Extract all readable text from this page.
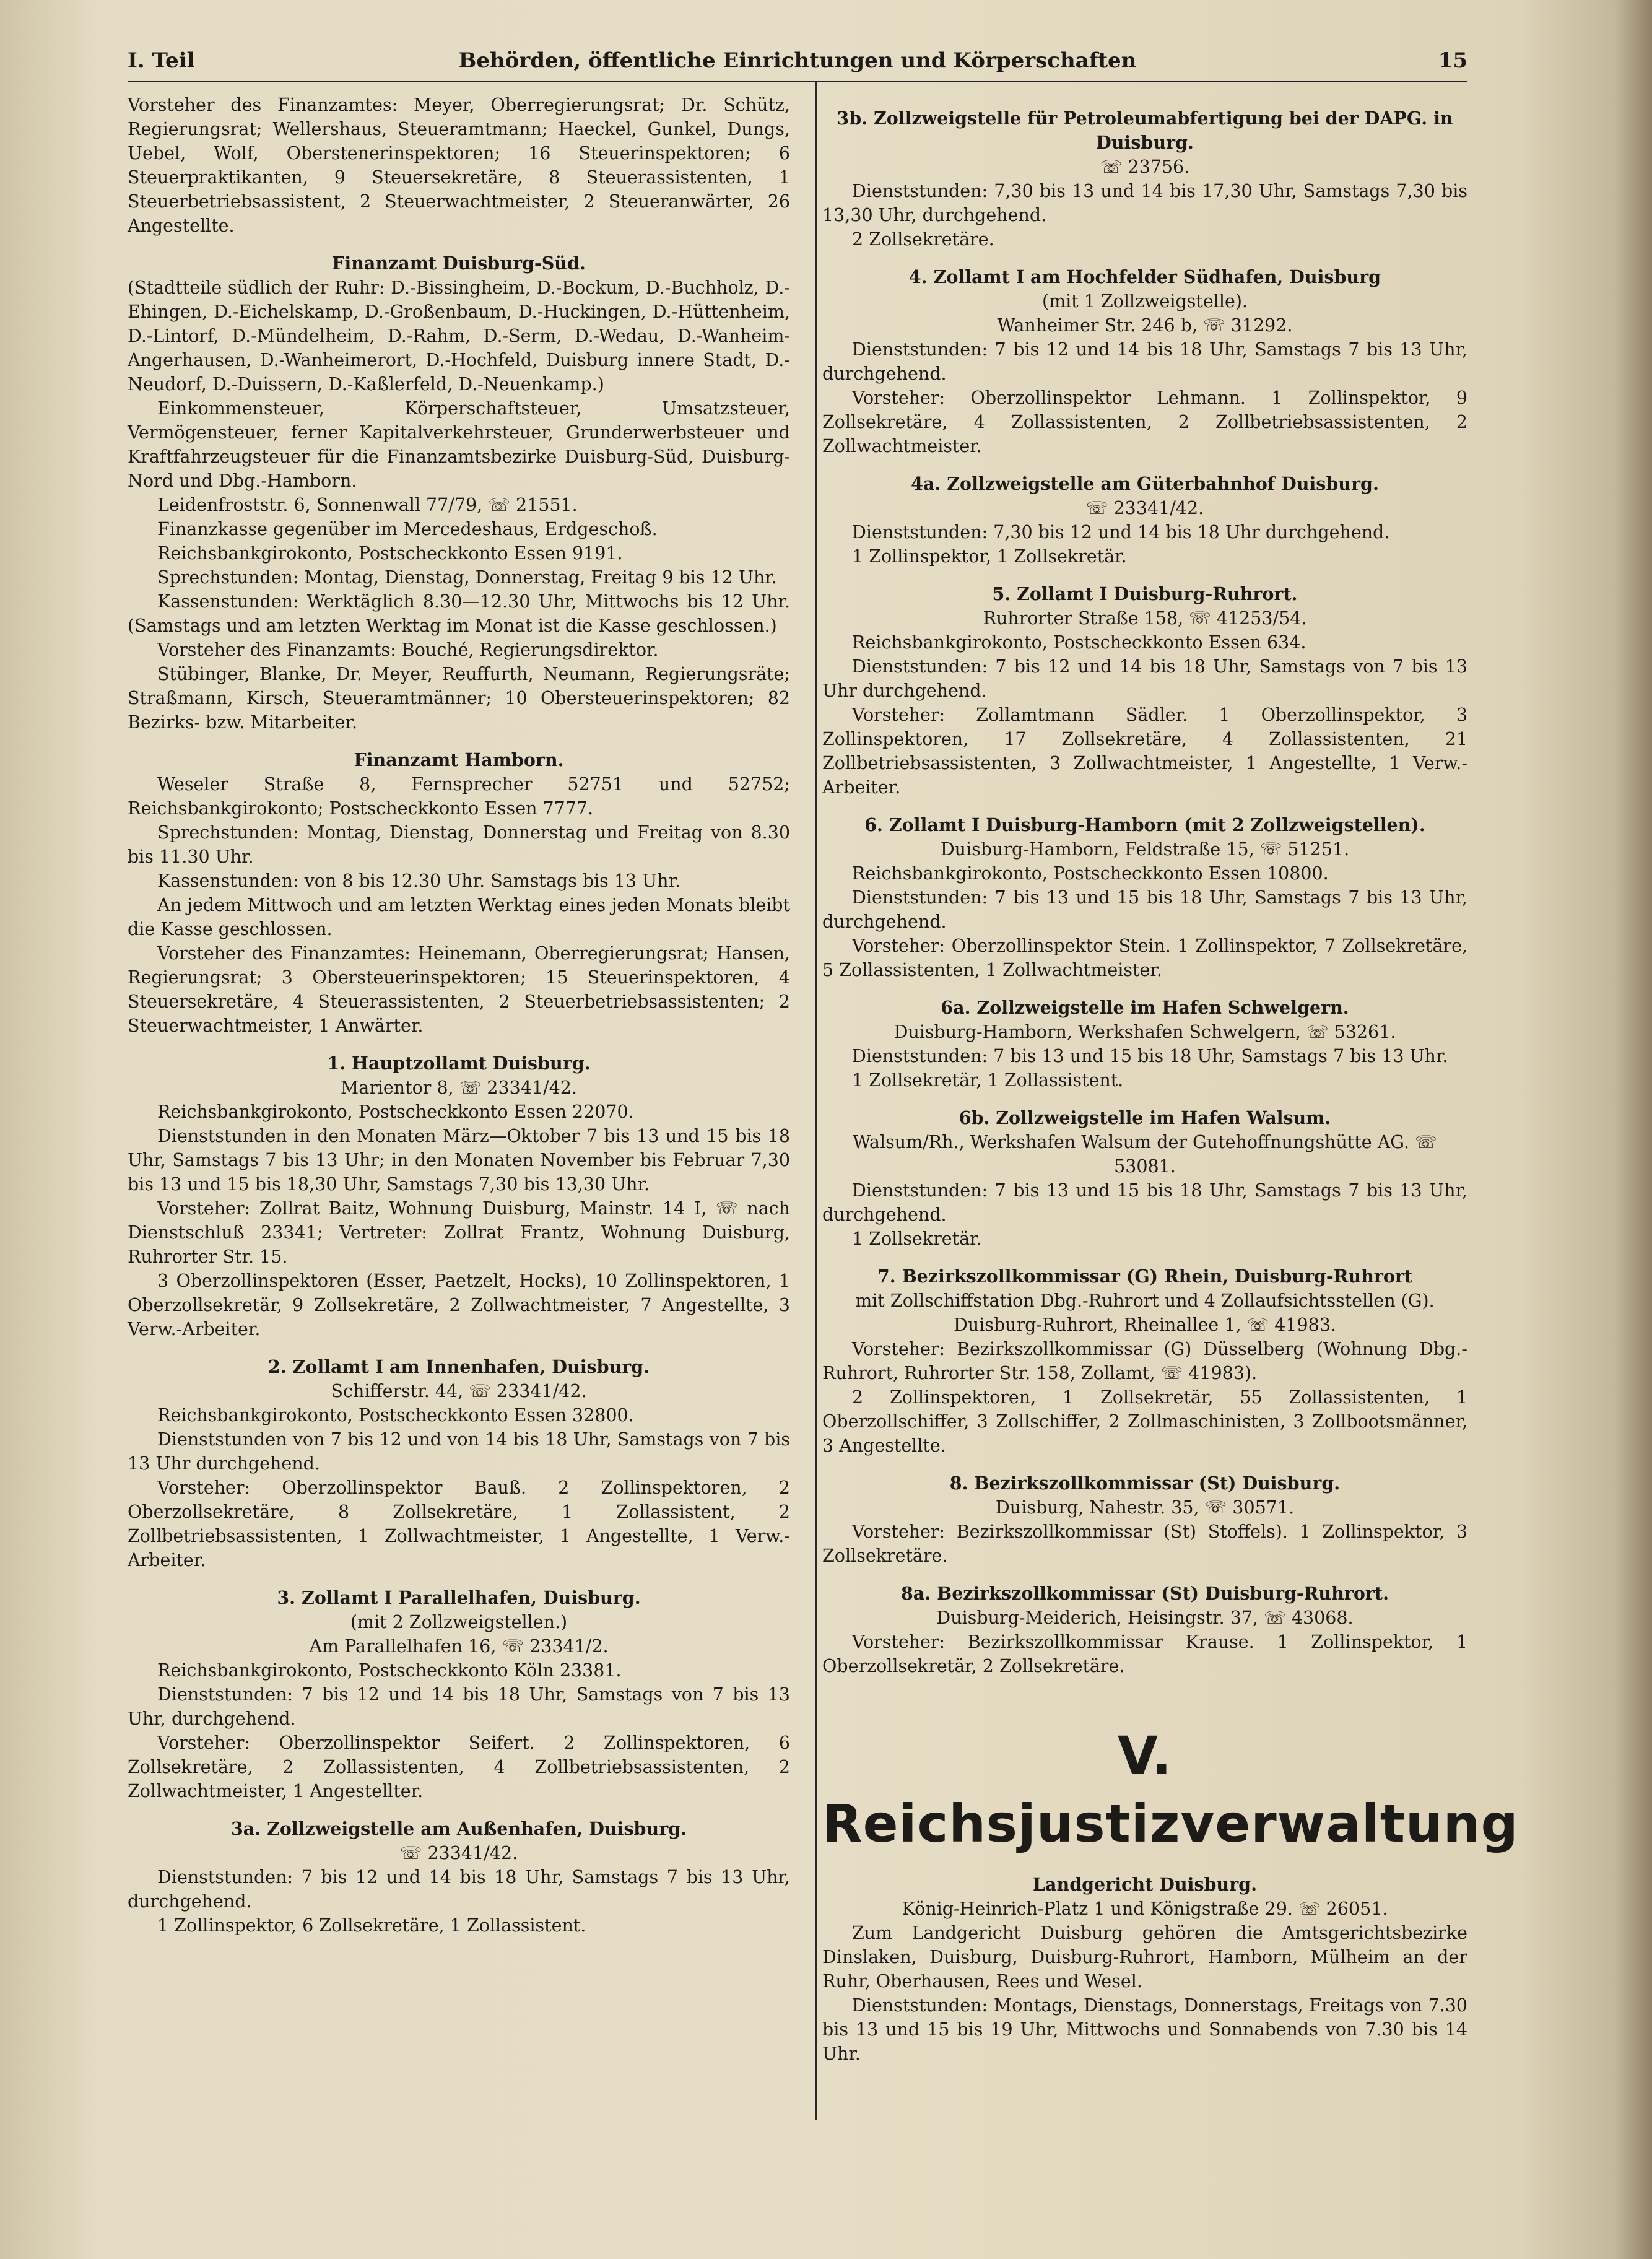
I. Teil	Behörden, öffentliche Einrichtungen und Körperschaften	15

Vorsteher des Finanzamtes: Meyer, Oberregierungsrat; Dr. Schütz, Regierungsrat; Wellershaus, Steueramtmann; Haeckel, Gunkel, Dungs, Uebel, Wolf, Oberstenerinspektoren; 16 Steuerinspektoren; 6 Steuerpraktikanten, 9 Steuersekretäre, 8 Steuerassistenten, 1 Steuerbetriebsassistent, 2 Steuerwachtmeister, 2 Steueranwärter, 26 Angestellte.

Finanzamt Duisburg-Süd.

(Stadtteile südlich der Ruhr: D.-Bissingheim, D.-Bockum, D.-Buchholz, D.-Ehingen, D.-Eichelskamp, D.-Großenbaum, D.-Huckingen, D.-Hüttenheim, D.-Lintorf, D.-Mündelheim, D.-Rahm, D.-Serm, D.-Wedau, D.-Wanheim-Angerhausen, D.-Wanheimerort, D.-Hochfeld, Duisburg innere Stadt, D.-Neudorf, D.-Duissern, D.-Kaßlerfeld, D.-Neuenkamp.)

Einkommensteuer, Körperschaftsteuer, Umsatzsteuer, Vermögensteuer, ferner Kapitalverkehrsteuer, Grunderwerbsteuer und Kraftfahrzeugsteuer für die Finanzamtsbezirke Duisburg-Süd, Duisburg-Nord und Dbg.-Hamborn.

Leidenfroststr. 6, Sonnenwall 77/79, ☏ 21551.

Finanzkasse gegenüber im Mercedeshaus, Erdgeschoß.

Reichsbankgirokonto, Postscheckkonto Essen 9191.

Sprechstunden: Montag, Dienstag, Donnerstag, Freitag 9 bis 12 Uhr.

Kassenstunden: Werktäglich 8.30—12.30 Uhr, Mittwochs bis 12 Uhr. (Samstags und am letzten Werktag im Monat ist die Kasse geschlossen.)

Vorsteher des Finanzamts: Bouché, Regierungsdirektor.

Stübinger, Blanke, Dr. Meyer, Reuffurth, Neumann, Regierungsräte; Straßmann, Kirsch, Steueramtmänner; 10 Obersteuerinspektoren; 82 Bezirks- bzw. Mitarbeiter.

Finanzamt Hamborn.

Weseler Straße 8, Fernsprecher 52751 und 52752; Reichsbankgirokonto; Postscheckkonto Essen 7777.

Sprechstunden: Montag, Dienstag, Donnerstag und Freitag von 8.30 bis 11.30 Uhr.

Kassenstunden: von 8 bis 12.30 Uhr. Samstags bis 13 Uhr.

An jedem Mittwoch und am letzten Werktag eines jeden Monats bleibt die Kasse geschlossen.

Vorsteher des Finanzamtes: Heinemann, Oberregierungsrat; Hansen, Regierungsrat; 3 Obersteuerinspektoren; 15 Steuerinspektoren, 4 Steuersekretäre, 4 Steuerassistenten, 2 Steuerbetriebsassistenten; 2 Steuerwachtmeister, 1 Anwärter.

1. Hauptzollamt Duisburg.

Marientor 8, ☏ 23341/42.

Reichsbankgirokonto, Postscheckkonto Essen 22070.

Dienststunden in den Monaten März—Oktober 7 bis 13 und 15 bis 18 Uhr, Samstags 7 bis 13 Uhr; in den Monaten November bis Februar 7,30 bis 13 und 15 bis 18,30 Uhr, Samstags 7,30 bis 13,30 Uhr.

Vorsteher: Zollrat Baitz, Wohnung Duisburg, Mainstr. 14 I, ☏ nach Dienstschluß 23341; Vertreter: Zollrat Frantz, Wohnung Duisburg, Ruhrorter Str. 15.

3 Oberzollinspektoren (Esser, Paetzelt, Hocks), 10 Zollinspektoren, 1 Oberzollsekretär, 9 Zollsekretäre, 2 Zollwachtmeister, 7 Angestellte, 3 Verw.-Arbeiter.

2. Zollamt I am Innenhafen, Duisburg.

Schifferstr. 44, ☏ 23341/42.

Reichsbankgirokonto, Postscheckkonto Essen 32800.

Dienststunden von 7 bis 12 und von 14 bis 18 Uhr, Samstags von 7 bis 13 Uhr durchgehend.

Vorsteher: Oberzollinspektor Bauß. 2 Zollinspektoren, 2 Oberzollsekretäre, 8 Zollsekretäre, 1 Zollassistent, 2 Zollbetriebsassistenten, 1 Zollwachtmeister, 1 Angestellte, 1 Verw.-Arbeiter.

3. Zollamt I Parallelhafen, Duisburg.

(mit 2 Zollzweigstellen.)

Am Parallelhafen 16, ☏ 23341/2.

Reichsbankgirokonto, Postscheckkonto Köln 23381.

Dienststunden: 7 bis 12 und 14 bis 18 Uhr, Samstags von 7 bis 13 Uhr, durchgehend.

Vorsteher: Oberzollinspektor Seifert. 2 Zollinspektoren, 6 Zollsekretäre, 2 Zollassistenten, 4 Zollbetriebsassistenten, 2 Zollwachtmeister, 1 Angestellter.

3a. Zollzweigstelle am Außenhafen, Duisburg.

☏ 23341/42.

Dienststunden: 7 bis 12 und 14 bis 18 Uhr, Samstags 7 bis 13 Uhr, durchgehend.

1 Zollinspektor, 6 Zollsekretäre, 1 Zollassistent.

3b. Zollzweigstelle für Petroleumabfertigung bei der DAPG. in Duisburg.

☏ 23756.

Dienststunden: 7,30 bis 13 und 14 bis 17,30 Uhr, Samstags 7,30 bis 13,30 Uhr, durchgehend.

2 Zollsekretäre.

4. Zollamt I am Hochfelder Südhafen, Duisburg

(mit 1 Zollzweigstelle).

Wanheimer Str. 246 b, ☏ 31292.

Dienststunden: 7 bis 12 und 14 bis 18 Uhr, Samstags 7 bis 13 Uhr, durchgehend.

Vorsteher: Oberzollinspektor Lehmann. 1 Zollinspektor, 9 Zollsekretäre, 4 Zollassistenten, 2 Zollbetriebsassistenten, 2 Zollwachtmeister.

4a. Zollzweigstelle am Güterbahnhof Duisburg.

☏ 23341/42.

Dienststunden: 7,30 bis 12 und 14 bis 18 Uhr durchgehend.

1 Zollinspektor, 1 Zollsekretär.

5. Zollamt I Duisburg-Ruhrort.

Ruhrorter Straße 158, ☏ 41253/54.

Reichsbankgirokonto, Postscheckkonto Essen 634.

Dienststunden: 7 bis 12 und 14 bis 18 Uhr, Samstags von 7 bis 13 Uhr durchgehend.

Vorsteher: Zollamtmann Sädler. 1 Oberzollinspektor, 3 Zollinspektoren, 17 Zollsekretäre, 4 Zollassistenten, 21 Zollbetriebsassistenten, 3 Zollwachtmeister, 1 Angestellte, 1 Verw.-Arbeiter.

6. Zollamt I Duisburg-Hamborn (mit 2 Zollzweigstellen).

Duisburg-Hamborn, Feldstraße 15, ☏ 51251.

Reichsbankgirokonto, Postscheckkonto Essen 10800.

Dienststunden: 7 bis 13 und 15 bis 18 Uhr, Samstags 7 bis 13 Uhr, durchgehend.

Vorsteher: Oberzollinspektor Stein. 1 Zollinspektor, 7 Zollsekretäre, 5 Zollassistenten, 1 Zollwachtmeister.

6a. Zollzweigstelle im Hafen Schwelgern.

Duisburg-Hamborn, Werkshafen Schwelgern, ☏ 53261.

Dienststunden: 7 bis 13 und 15 bis 18 Uhr, Samstags 7 bis 13 Uhr.

1 Zollsekretär, 1 Zollassistent.

6b. Zollzweigstelle im Hafen Walsum.

Walsum/Rh., Werkshafen Walsum der Gutehoffnungshütte AG. ☏ 53081.

Dienststunden: 7 bis 13 und 15 bis 18 Uhr, Samstags 7 bis 13 Uhr, durchgehend.

1 Zollsekretär.

7. Bezirkszollkommissar (G) Rhein, Duisburg-Ruhrort

mit Zollschiffstation Dbg.-Ruhrort und 4 Zollaufsichtsstellen (G). Duisburg-Ruhrort, Rheinallee 1, ☏ 41983.

Vorsteher: Bezirkszollkommissar (G) Düsselberg (Wohnung Dbg.-Ruhrort, Ruhrorter Str. 158, Zollamt, ☏ 41983).

2 Zollinspektoren, 1 Zollsekretär, 55 Zollassistenten, 1 Oberzollschiffer, 3 Zollschiffer, 2 Zollmaschinisten, 3 Zollbootsmänner, 3 Angestellte.

8. Bezirkszollkommissar (St) Duisburg.

Duisburg, Nahestr. 35, ☏ 30571.

Vorsteher: Bezirkszollkommissar (St) Stoffels). 1 Zollinspektor, 3 Zollsekretäre.

8a. Bezirkszollkommissar (St) Duisburg-Ruhrort.

Duisburg-Meiderich, Heisingstr. 37, ☏ 43068.

Vorsteher: Bezirkszollkommissar Krause. 1 Zollinspektor, 1 Oberzollsekretär, 2 Zollsekretäre.

V. Reichsjustizverwaltung

Landgericht Duisburg.

König-Heinrich-Platz 1 und Königstraße 29. ☏ 26051.

Zum Landgericht Duisburg gehören die Amtsgerichtsbezirke Dinslaken, Duisburg, Duisburg-Ruhrort, Hamborn, Mülheim an der Ruhr, Oberhausen, Rees und Wesel.

Dienststunden: Montags, Dienstags, Donnerstags, Freitags von 7.30 bis 13 und 15 bis 19 Uhr, Mittwochs und Sonnabends von 7.30 bis 14 Uhr.
